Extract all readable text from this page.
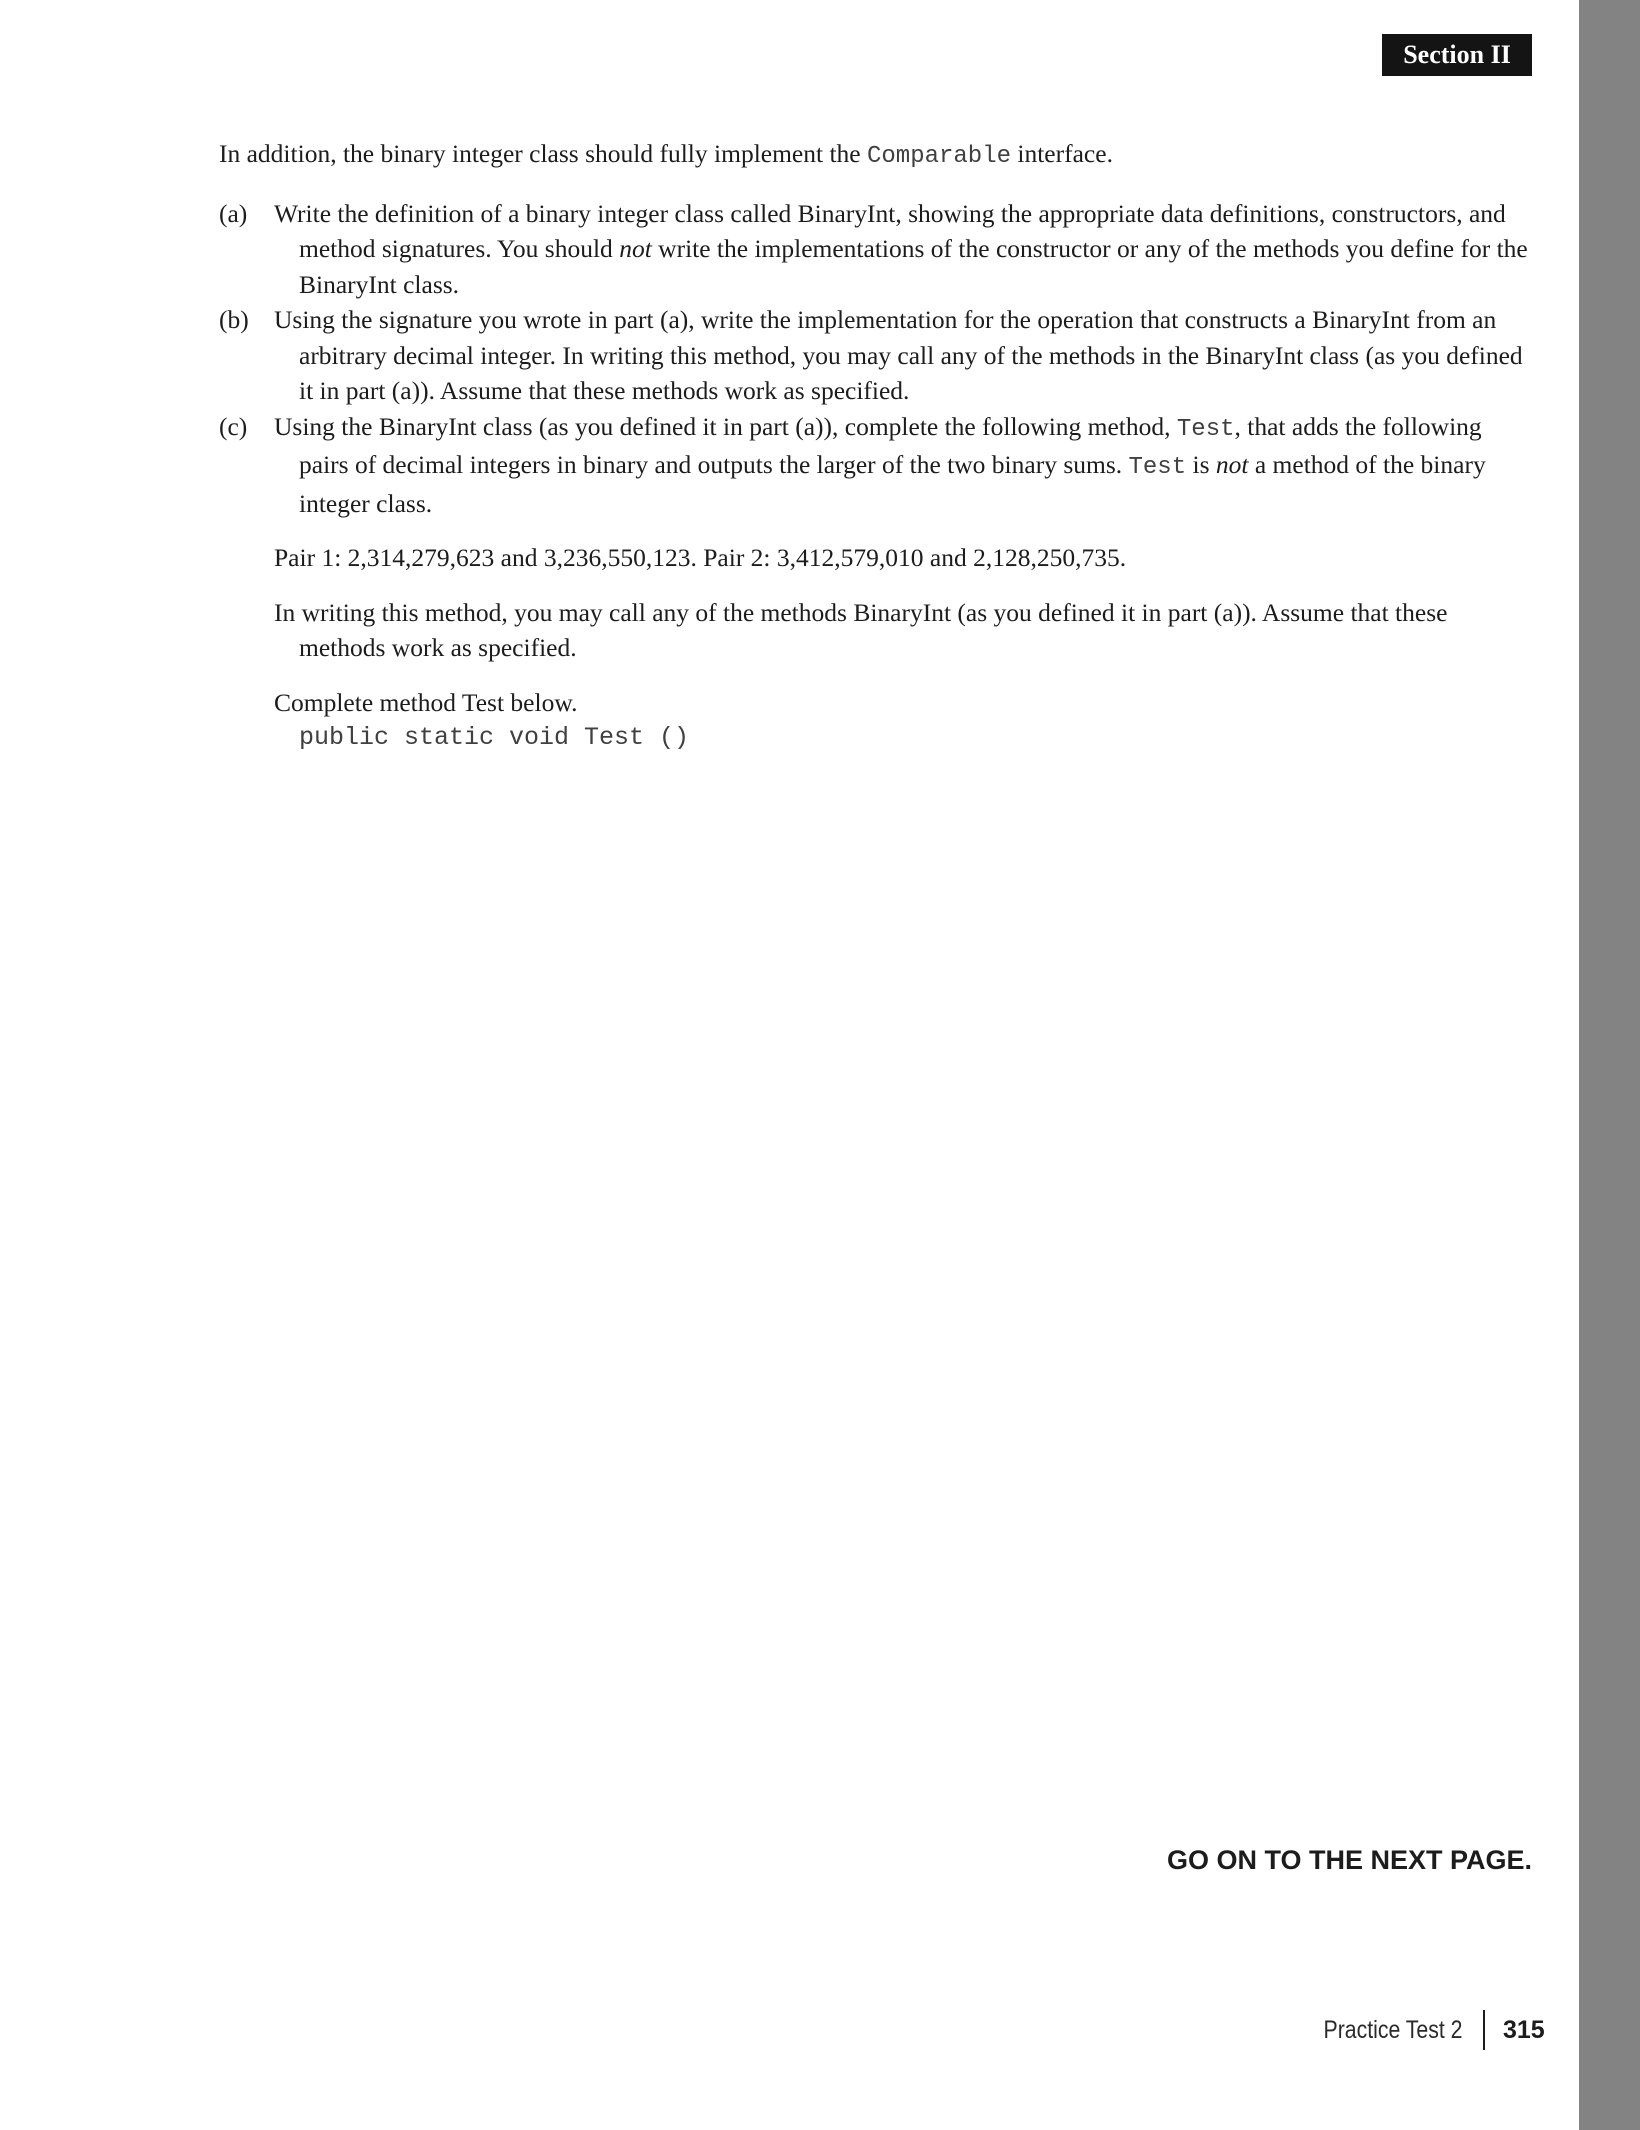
Section II

In addition, the binary integer class should fully implement the Comparable interface.

(a) Write the definition of a binary integer class called BinaryInt, showing the appropriate data definitions, constructors, and method signatures. You should not write the implementations of the constructor or any of the methods you define for the BinaryInt class.
(b) Using the signature you wrote in part (a), write the implementation for the operation that constructs a BinaryInt from an arbitrary decimal integer. In writing this method, you may call any of the methods in the BinaryInt class (as you defined it in part (a)). Assume that these methods work as specified.
(c) Using the BinaryInt class (as you defined it in part (a)), complete the following method, Test, that adds the following pairs of decimal integers in binary and outputs the larger of the two binary sums. Test is not a method of the binary integer class.

Pair 1: 2,314,279,623 and 3,236,550,123. Pair 2: 3,412,579,010 and 2,128,250,735.

In writing this method, you may call any of the methods BinaryInt (as you defined it in part (a)). Assume that these methods work as specified.

Complete method Test below.

public static void Test ()

GO ON TO THE NEXT PAGE.
Practice Test 2 315
